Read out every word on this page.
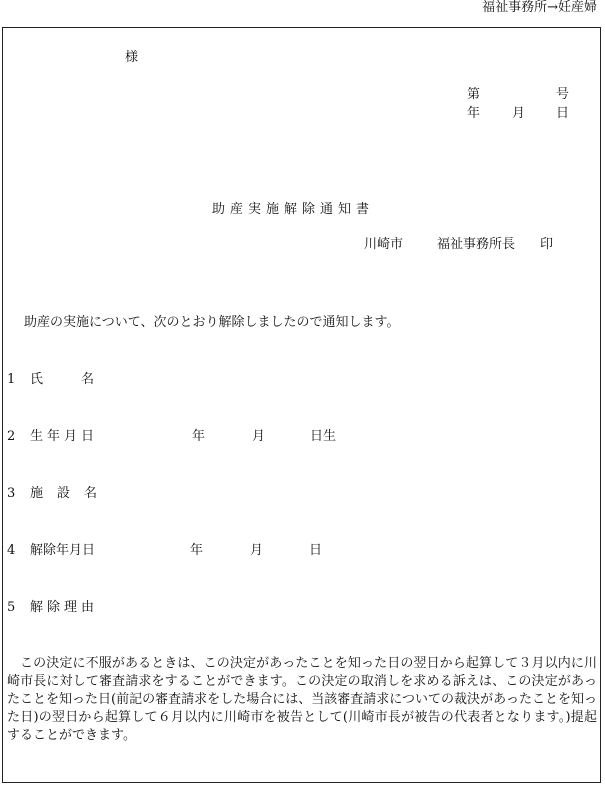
福祉事務所→妊産婦
様
第	号
年 月 日
助産実施解除通知書
川崎市	福祉事務所長 印
助産の実施について、次のとおり解除しましたので通知します。
1 氏名
2 生年月日	年	月	日生
3 施設名
4 解除年月日	年	月	日
5 解除理由

この決定に不服があるときは、この決定があったことを知った日の翌日から起算して３月以内に川崎市長に対して審査請求をすることができます。この決定の取消しを求める訴えは、この決定があったことを知った日(前記の審査請求をした場合には、当該審査請求についての裁決があったことを知った日)の翌日から起算して６月以内に川崎市を被告として(川崎市長が被告の代表者となります。)提起することができます。
